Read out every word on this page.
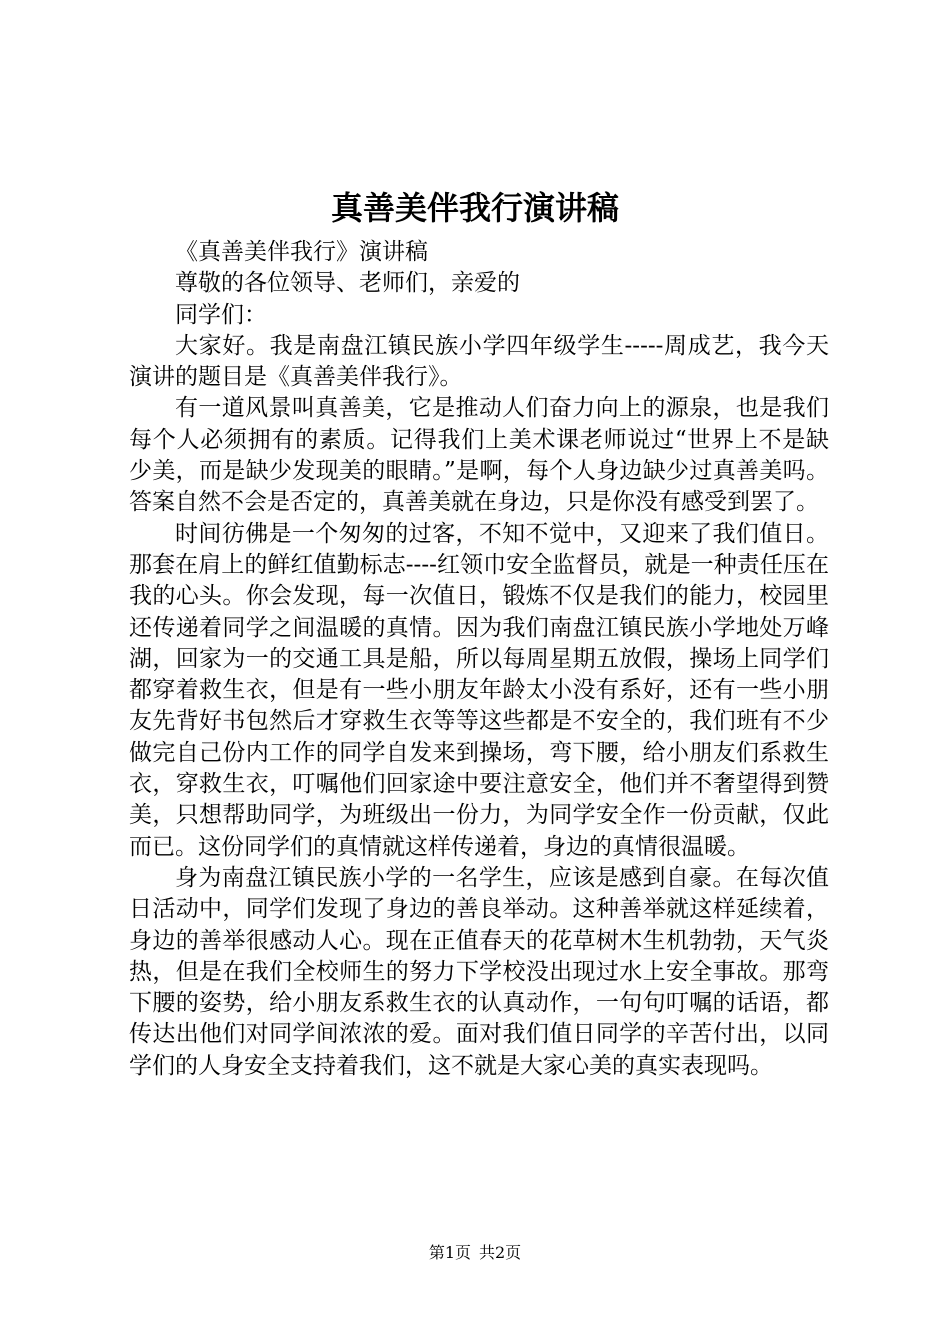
真善美伴我行演讲稿

《真善美伴我行》演讲稿

尊敬的各位领导、老师们，亲爱的

同学们：

大家好。我是南盘江镇民族小学四年级学生-----周成艺，我今天演讲的题目是《真善美伴我行》。

有一道风景叫真善美，它是推动人们奋力向上的源泉，也是我们每个人必须拥有的素质。记得我们上美术课老师说过“世界上不是缺少美，而是缺少发现美的眼睛。”是啊，每个人身边缺少过真善美吗。答案自然不会是否定的，真善美就在身边，只是你没有感受到罢了。

时间彷佛是一个匆匆的过客，不知不觉中，又迎来了我们值日。那套在肩上的鲜红值勤标志----红领巾安全监督员，就是一种责任压在我的心头。你会发现，每一次值日，锻炼不仅是我们的能力，校园里还传递着同学之间温暖的真情。因为我们南盘江镇民族小学地处万峰湖，回家为一的交通工具是船，所以每周星期五放假，操场上同学们都穿着救生衣，但是有一些小朋友年龄太小没有系好，还有一些小朋友先背好书包然后才穿救生衣等等这些都是不安全的，我们班有不少做完自己份内工作的同学自发来到操场，弯下腰，给小朋友们系救生衣，穿救生衣，叮嘱他们回家途中要注意安全，他们并不奢望得到赞美，只想帮助同学，为班级出一份力，为同学安全作一份贡献，仅此而已。这份同学们的真情就这样传递着，身边的真情很温暖。

身为南盘江镇民族小学的一名学生，应该是感到自豪。在每次值日活动中，同学们发现了身边的善良举动。这种善举就这样延续着，身边的善举很感动人心。现在正值春天的花草树木生机勃勃，天气炎热，但是在我们全校师生的努力下学校没出现过水上安全事故。那弯下腰的姿势，给小朋友系救生衣的认真动作，一句句叮嘱的话语，都传达出他们对同学间浓浓的爱。面对我们值日同学的辛苦付出，以同学们的人身安全支持着我们，这不就是大家心美的真实表现吗。

第1页 共2页
